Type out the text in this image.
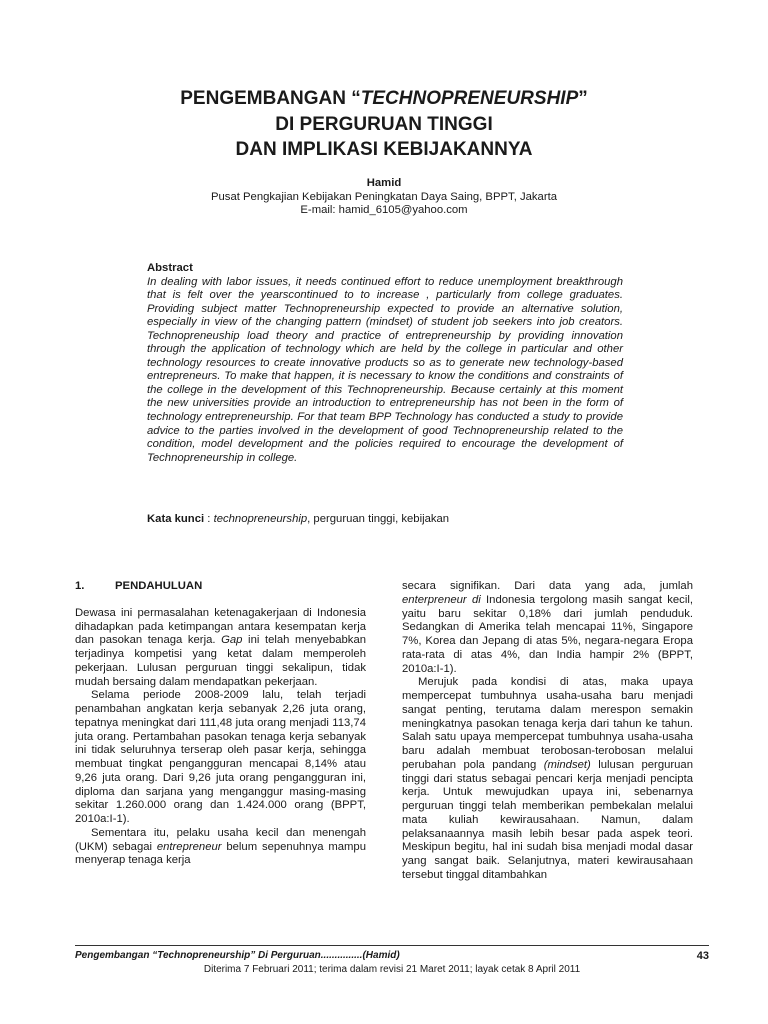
PENGEMBANGAN “TECHNOPRENEURSHIP”
DI PERGURUAN TINGGI
DAN IMPLIKASI KEBIJAKANNYA
Hamid
Pusat Pengkajian Kebijakan Peningkatan Daya Saing, BPPT, Jakarta
E-mail: hamid_6105@yahoo.com
Abstract
In dealing with labor issues, it needs continued effort to reduce unemployment breakthrough that is felt over the yearscontinued to to increase , particularly from college graduates. Providing subject matter Technopreneurship expected to provide an alternative solution, especially in view of the changing pattern (mindset) of student job seekers into job creators. Technopreneuship load theory and practice of entrepreneurship by providing innovation through the application of technology which are held by the college in particular and other technology resources to create innovative products so as to generate new technology-based entrepreneurs. To make that happen, it is necessary to know the conditions and constraints of the college in the development of this Technopreneurship. Because certainly at this moment the new universities provide an introduction to entrepreneurship has not been in the form of technology entrepreneurship. For that team BPP Technology has conducted a study to provide advice to the parties involved in the development of good Technopreneurship related to the condition, model development and the policies required to encourage the development of Technopreneurship in college.
Kata kunci : technopreneurship, perguruan tinggi, kebijakan

1.	PENDAHULUAN

Dewasa ini permasalahan ketenagakerjaan di Indonesia dihadapkan pada ketimpangan antara kesempatan kerja dan pasokan tenaga kerja. Gap ini telah menyebabkan terjadinya kompetisi yang ketat dalam memperoleh pekerjaan. Lulusan perguruan tinggi sekalipun, tidak mudah bersaing dalam mendapatkan pekerjaan.

Selama periode 2008-2009 lalu, telah terjadi penambahan angkatan kerja sebanyak 2,26 juta orang, tepatnya meningkat dari 111,48 juta orang menjadi 113,74 juta orang. Pertambahan pasokan tenaga kerja sebanyak ini tidak seluruhnya terserap oleh pasar kerja, sehingga membuat tingkat pengangguran mencapai 8,14% atau 9,26 juta orang. Dari 9,26 juta orang pengangguran ini, diploma dan sarjana yang menganggur masing-masing sekitar 1.260.000 orang dan 1.424.000 orang (BPPT, 2010a:I-1).

Sementara itu, pelaku usaha kecil dan menengah (UKM) sebagai entrepreneur belum sepenuhnya mampu menyerap tenaga kerja

secara signifikan. Dari data yang ada, jumlah enterpreneur di Indonesia tergolong masih sangat kecil, yaitu baru sekitar 0,18% dari jumlah penduduk. Sedangkan di Amerika telah mencapai 11%, Singapore 7%, Korea dan Jepang di atas 5%, negara-negara Eropa rata-rata di atas 4%, dan India hampir 2% (BPPT, 2010a:I-1).

Merujuk pada kondisi di atas, maka upaya mempercepat tumbuhnya usaha-usaha baru menjadi sangat penting, terutama dalam merespon semakin meningkatnya pasokan tenaga kerja dari tahun ke tahun. Salah satu upaya mempercepat tumbuhnya usaha-usaha baru adalah membuat terobosan-terobosan melalui perubahan pola pandang (mindset) lulusan perguruan tinggi dari status sebagai pencari kerja menjadi pencipta kerja. Untuk mewujudkan upaya ini, sebenarnya perguruan tinggi telah memberikan pembekalan melalui mata kuliah kewirausahaan. Namun, dalam pelaksanaannya masih lebih besar pada aspek teori. Meskipun begitu, hal ini sudah bisa menjadi modal dasar yang sangat baik. Selanjutnya, materi kewirausahaan tersebut tinggal ditambahkan

Pengembangan “Technopreneurship” Di Perguruan...............(Hamid)	43
Diterima 7 Februari 2011; terima dalam revisi 21 Maret 2011; layak cetak 8 April 2011
